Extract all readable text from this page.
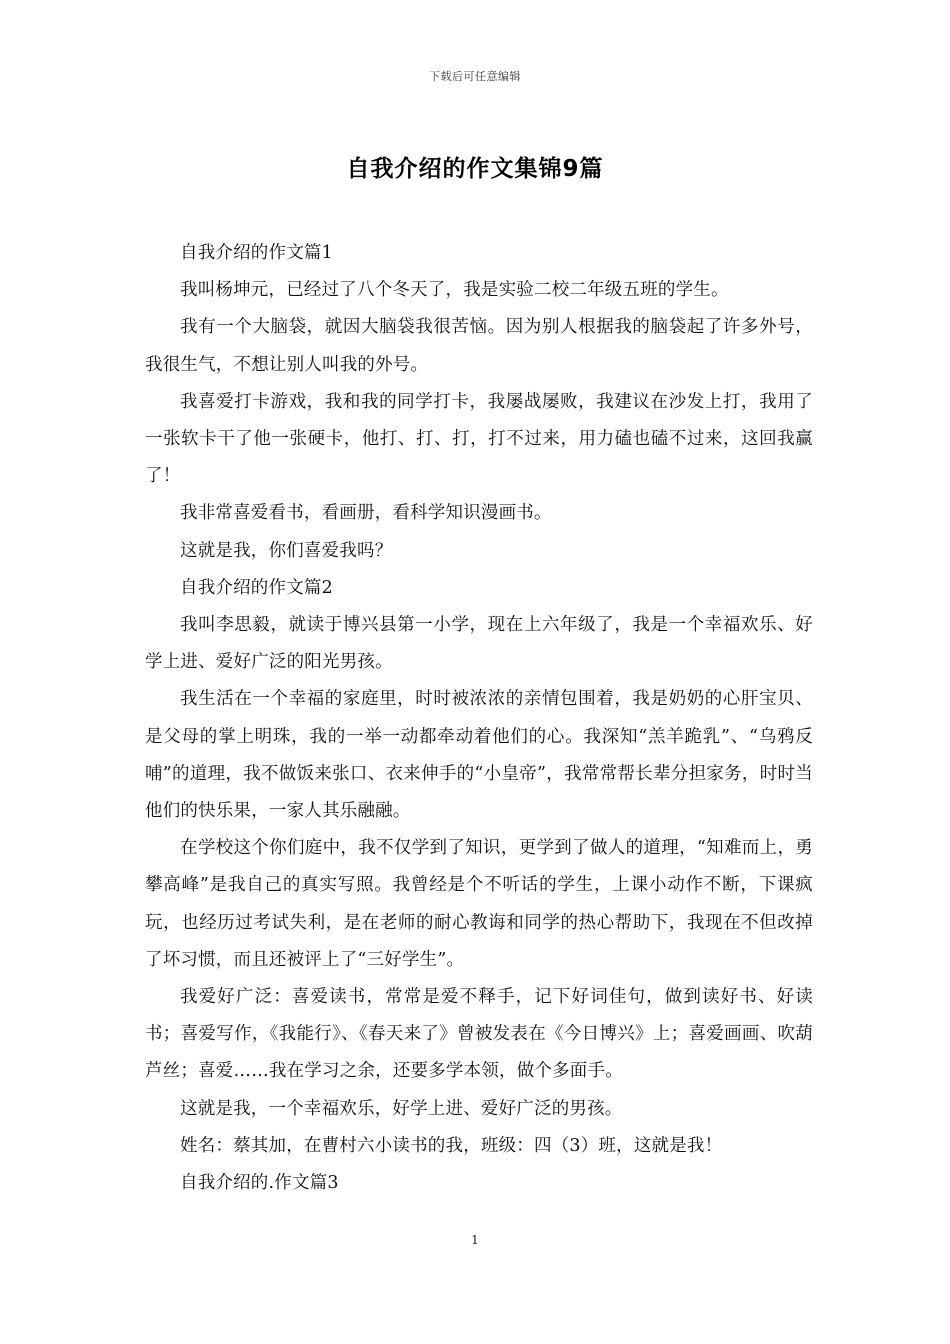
下载后可任意编辑
自我介绍的作文集锦9篇

自我介绍的作文篇1

我叫杨坤元，已经过了八个冬天了，我是实验二校二年级五班的学生。

我有一个大脑袋，就因大脑袋我很苦恼。因为别人根据我的脑袋起了许多外号，我很生气，不想让别人叫我的外号。

我喜爱打卡游戏，我和我的同学打卡，我屡战屡败，我建议在沙发上打，我用了一张软卡干了他一张硬卡，他打、打、打，打不过来，用力磕也磕不过来，这回我赢了！

我非常喜爱看书，看画册，看科学知识漫画书。

这就是我，你们喜爱我吗？

自我介绍的作文篇2

我叫李思毅，就读于博兴县第一小学，现在上六年级了，我是一个幸福欢乐、好学上进、爱好广泛的阳光男孩。

我生活在一个幸福的家庭里，时时被浓浓的亲情包围着，我是奶奶的心肝宝贝、是父母的掌上明珠，我的一举一动都牵动着他们的心。我深知“羔羊跪乳”、“乌鸦反哺”的道理，我不做饭来张口、衣来伸手的“小皇帝”，我常常帮长辈分担家务，时时当他们的快乐果，一家人其乐融融。

在学校这个你们庭中，我不仅学到了知识，更学到了做人的道理，“知难而上，勇攀高峰”是我自己的真实写照。我曾经是个不听话的学生，上课小动作不断，下课疯玩，也经历过考试失利，是在老师的耐心教诲和同学的热心帮助下，我现在不但改掉了坏习惯，而且还被评上了“三好学生”。

我爱好广泛：喜爱读书，常常是爱不释手，记下好词佳句，做到读好书、好读书；喜爱写作，《我能行》、《春天来了》曾被发表在《今日博兴》上；喜爱画画、吹葫芦丝；喜爱……我在学习之余，还要多学本领，做个多面手。

这就是我，一个幸福欢乐，好学上进、爱好广泛的男孩。

姓名：蔡其加，在曹村六小读书的我，班级：四（3）班，这就是我！

自我介绍的.作文篇3

1
